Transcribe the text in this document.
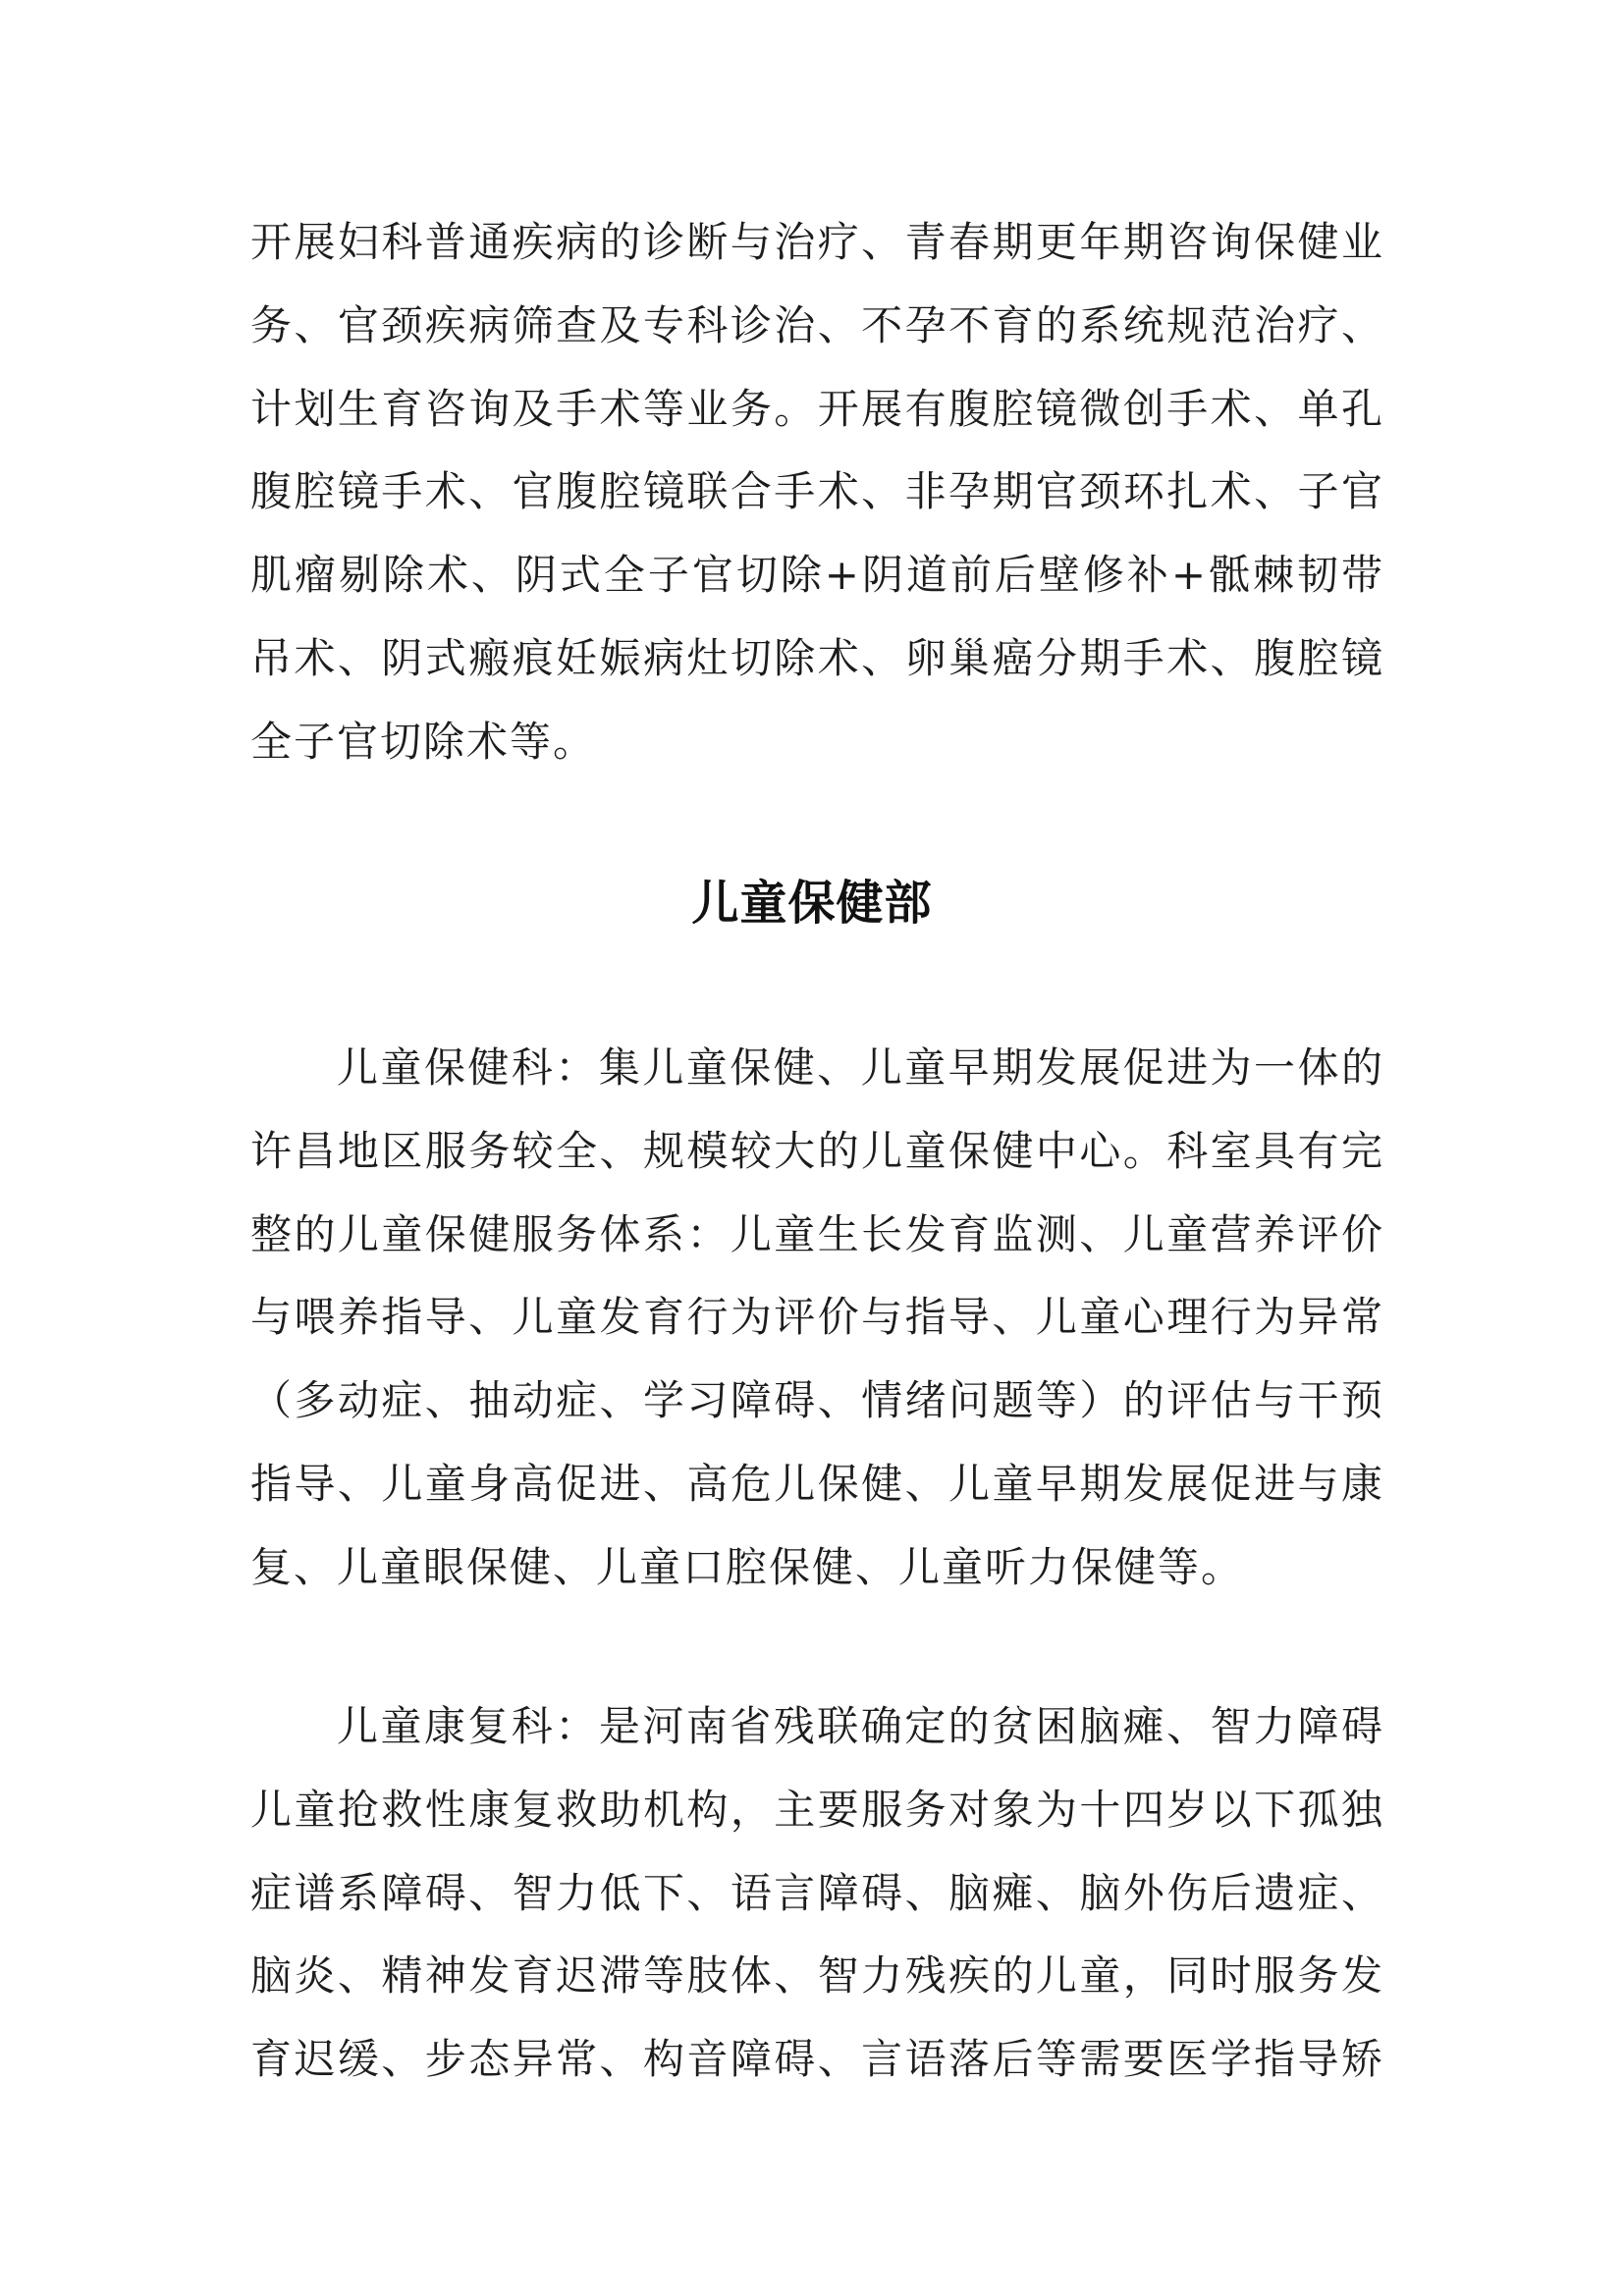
开展妇科普通疾病的诊断与治疗、青春期更年期咨询保健业
务、官颈疾病筛查及专科诊治、不孕不育的系统规范治疗、
计划生育咨询及手术等业务。开展有腹腔镜微创手术、单孔
腹腔镜手术、官腹腔镜联合手术、非孕期官颈环扎术、子官
肌瘤剔除术、阴式全子官切除+阴道前后壁修补+骶棘韧带
吊术、阴式瘢痕妊娠病灶切除术、卵巢癌分期手术、腹腔镜
全子官切除术等。
儿童保健部
儿童保健科：集儿童保健、儿童早期发展促进为一体的
许昌地区服务较全、规模较大的儿童保健中心。科室具有完
整的儿童保健服务体系：儿童生长发育监测、儿童营养评价
与喂养指导、儿童发育行为评价与指导、儿童心理行为异常
（多动症、抽动症、学习障碍、情绪问题等）的评估与干预
指导、儿童身高促进、高危儿保健、儿童早期发展促进与康
复、儿童眼保健、儿童口腔保健、儿童听力保健等。
儿童康复科：是河南省残联确定的贫困脑瘫、智力障碍
儿童抢救性康复救助机构，主要服务对象为十四岁以下孤独
症谱系障碍、智力低下、语言障碍、脑瘫、脑外伤后遗症、
脑炎、精神发育迟滞等肢体、智力残疾的儿童，同时服务发
育迟缓、步态异常、构音障碍、言语落后等需要医学指导矫
